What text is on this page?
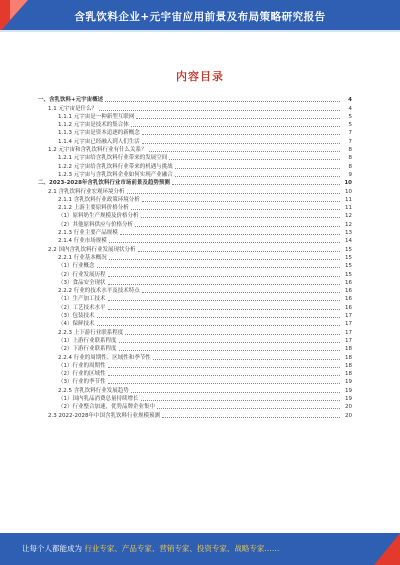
含乳饮料企业+元宇宙应用前景及布局策略研究报告
内容目录
一、含乳饮料+元宇宙概述	4
1.1 元宇宙是什么？	4
1.1.1 元宇宙是一种新型互联网	5
1.1.2 元宇宙是技术的集合体	5
1.1.3 元宇宙是资本追逐的新概念	7
1.1.4 元宇宙已经融入到人们生活	7
1.2 元宇宙和含乳饮料行业有什么关系？	8
1.2.1 元宇宙给含乳饮料行业带来的发展空间	8
1.2.2 元宇宙给含乳饮料行业带来的机遇与挑战	8
1.2.3 元宇宙与含乳饮料企业如何实现产业融合	9
二、2023-2028年含乳饮料行业市场前景及趋势预测	10
2.1 含乳饮料行业宏观环境分析	10
2.1.1 含乳饮料行业政策环境分析	11
2.1.2 上游主要原料价格分析	11
（1）原料奶生产规模及价格分析	12
（2）其他原料供应与价格分析	12
2.1.3 行业主要产品规模	13
2.1.4 行业市场规模	14
2.2 国内含乳饮料行业发展现状分析	15
2.2.1 行业基本概况	15
（1）行业概念	15
（2）行业发展历程	15
（3）食品安全现状	16
2.2.2 行业的技术水平及技术特点	16
（1）生产加工技术	16
（2）工艺技术水平	16
（3）包装技术	17
（4）保鲜技术	17
2.2.3 上下游行业联系程度	17
（1）上游行业联系程度	17
（2）下游行业联系程度	18
2.2.4 行业的周期性、区域性和季节性	18
（1）行业的周期性	18
（2）行业的区域性	18
（3）行业的季节性	19
2.2.5 含乳饮料行业发展趋势	19
（1）国内乳品消费总量持续增长	19
（2）行业整合加速，优势品牌企业集中	20
2.3 2022-2028年中国含乳饮料行业规模预测	20
让每个人都能成为 行业专家、产品专家、营销专家、投资专家、战略专家……
